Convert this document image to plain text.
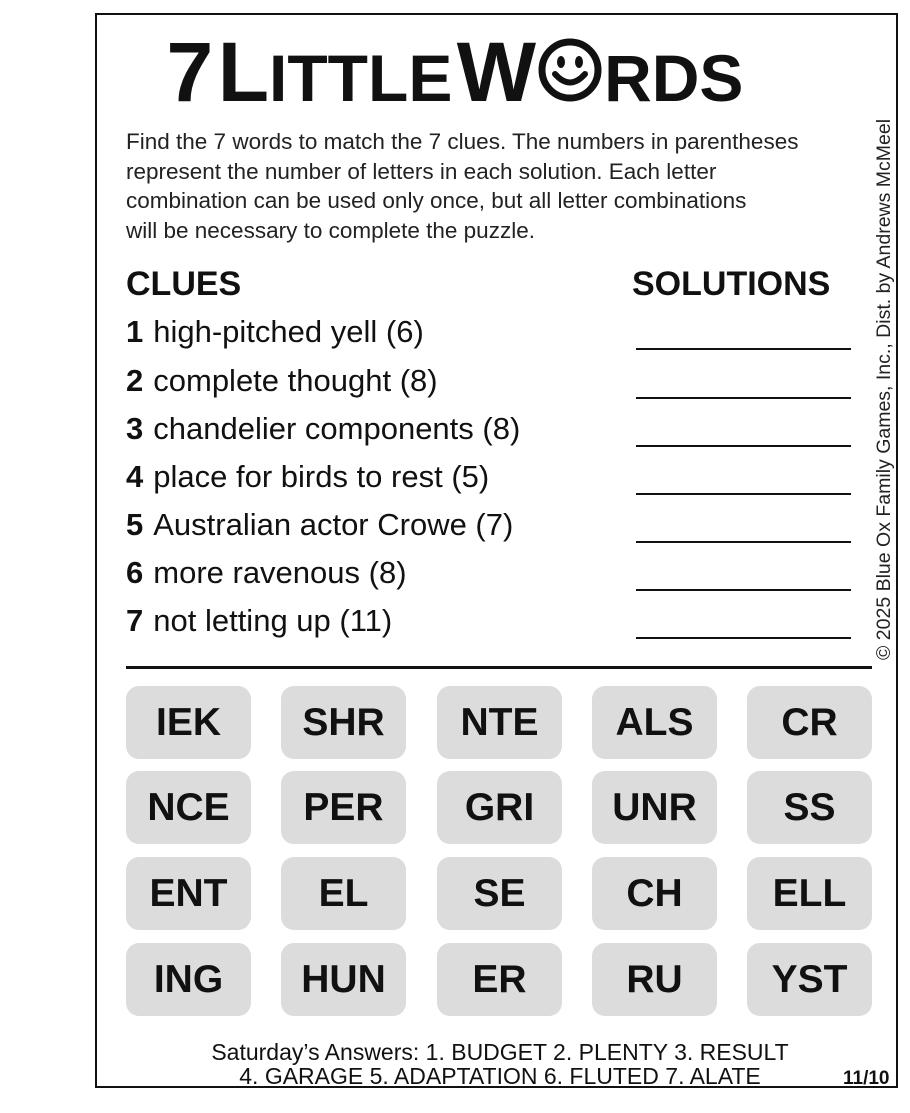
7 LITTLE W RDS

Find the 7 words to match the 7 clues. The numbers in parentheses

represent the number of letters in each solution. Each letter

combination can be used only once, but all letter combinations

will be necessary to complete the puzzle.

CLUES	SOLUTIONS
1 high-pitched yell (6)
2 complete thought (8)
3 chandelier components (8)
4 place for birds to rest (5)
5 Australian actor Crowe (7)
6 more ravenous (8)
7 not letting up (11)
IEK	SHR	NTE	ALS	CR
NCE	PER	GRI	UNR	SS
ENT	EL	SE	CH	ELL
ING	HUN	ER	RU	YST
Saturday’s Answers: 1. BUDGET 2. PLENTY 3. RESULT
4. GARAGE 5. ADAPTATION 6. FLUTED 7. ALATE	11/10
© 2025 Blue Ox Family Games, Inc., Dist. by Andrews McMeel
